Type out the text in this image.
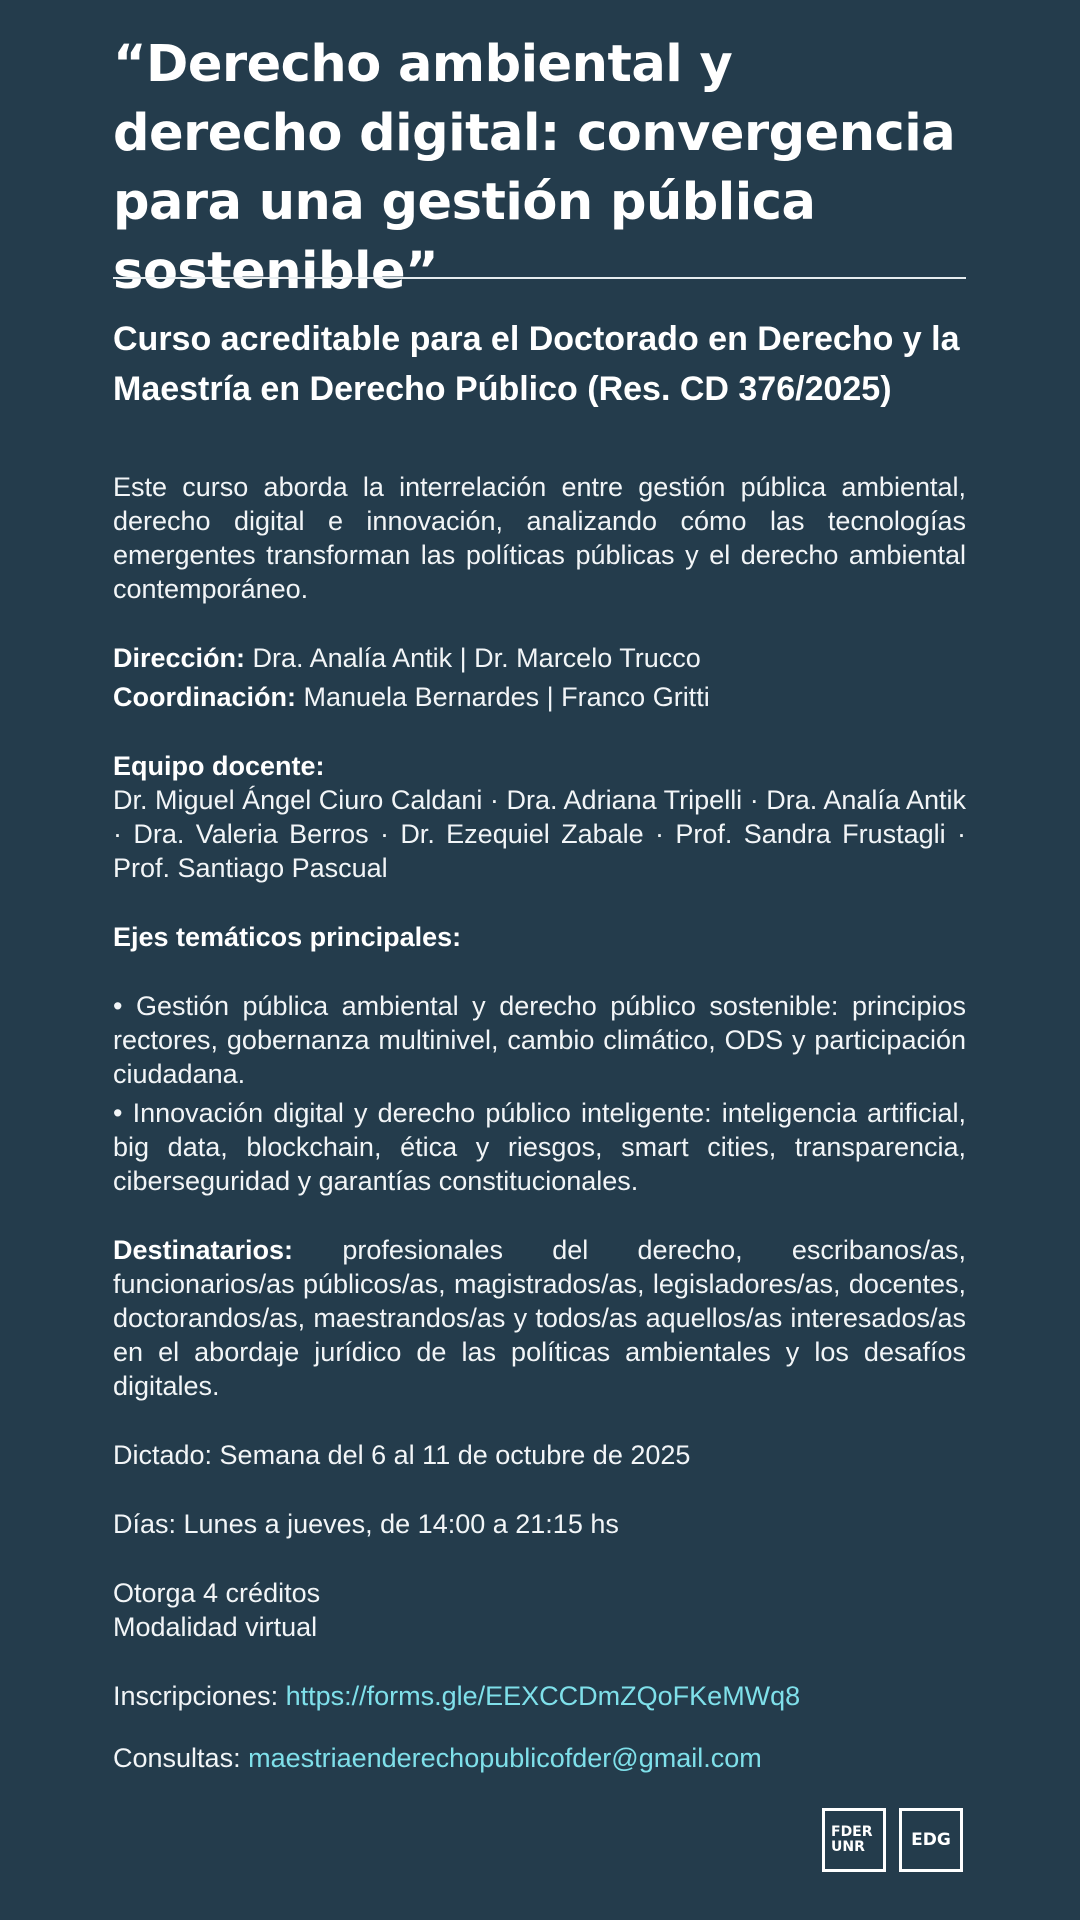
“Derecho ambiental y derecho digital: convergencia para una gestión pública sostenible”
Curso acreditable para el Doctorado en Derecho y la Maestría en Derecho Público (Res. CD 376/2025)

Este curso aborda la interrelación entre gestión pública ambiental, derecho digital e innovación, analizando cómo las tecnologías emergentes transforman las políticas públicas y el derecho ambiental contemporáneo.

Dirección: Dra. Analía Antik | Dr. Marcelo Trucco

Coordinación: Manuela Bernardes | Franco Gritti

Equipo docente:

Dr. Miguel Ángel Ciuro Caldani · Dra. Adriana Tripelli · Dra. Analía Antik · Dra. Valeria Berros · Dr. Ezequiel Zabale · Prof. Sandra Frustagli · Prof. Santiago Pascual

Ejes temáticos principales:

• Gestión pública ambiental y derecho público sostenible: principios rectores, gobernanza multinivel, cambio climático, ODS y participación ciudadana.

• Innovación digital y derecho público inteligente: inteligencia artificial, big data, blockchain, ética y riesgos, smart cities, transparencia, ciberseguridad y garantías constitucionales.

Destinatarios: profesionales del derecho, escribanos/as, funcionarios/as públicos/as, magistrados/as, legisladores/as, docentes, doctorandos/as, maestrandos/as y todos/as aquellos/as interesados/as en el abordaje jurídico de las políticas ambientales y los desafíos digitales.

Dictado: Semana del 6 al 11 de octubre de 2025

Días: Lunes a jueves, de 14:00 a 21:15 hs

Otorga 4 créditos

Modalidad virtual

Inscripciones: https://forms.gle/EEXCCDmZQoFKeMWq8

Consultas: maestriaenderechopublicofder@gmail.com

FDER
UNR	EDG
